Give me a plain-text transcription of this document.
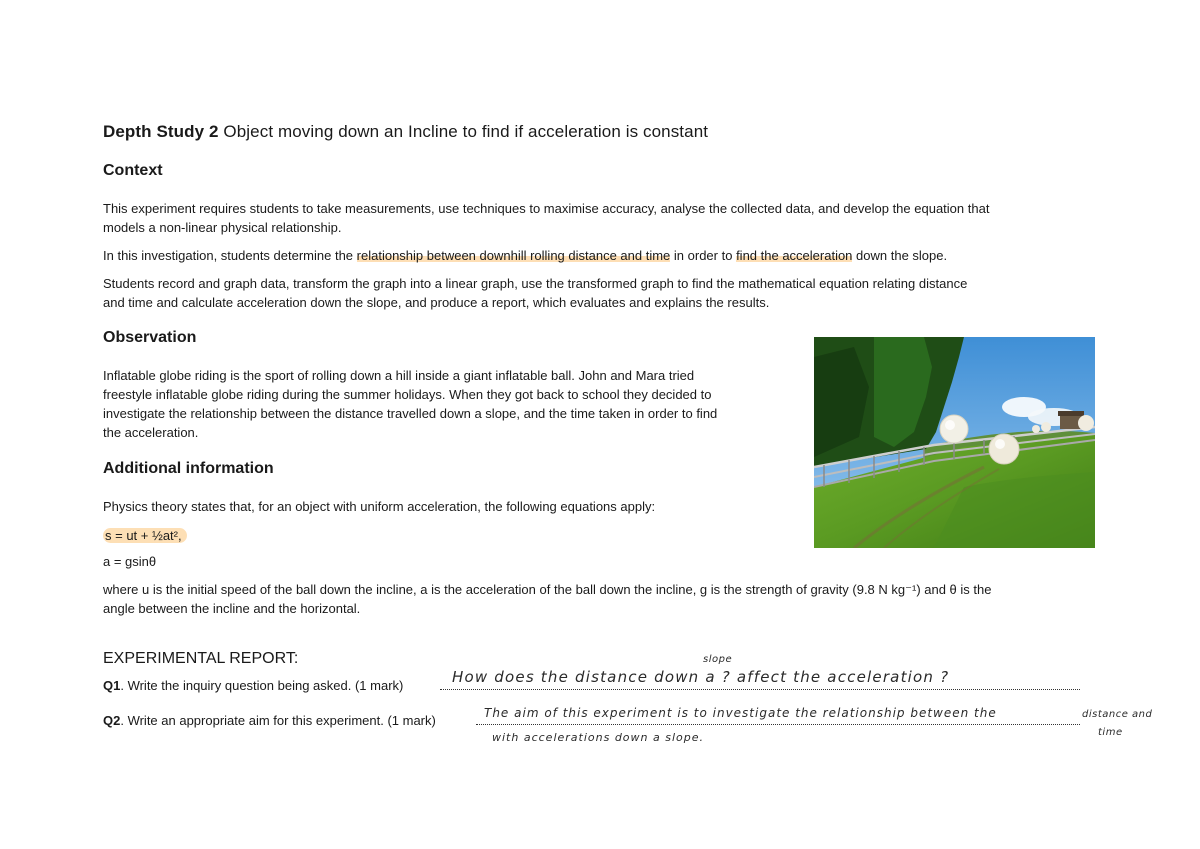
Depth Study 2 Object moving down an Incline to find if acceleration is constant
Context
This experiment requires students to take measurements, use techniques to maximise accuracy, analyse the collected data, and develop the equation that
models a non-linear physical relationship.
In this investigation, students determine the relationship between downhill rolling distance and time in order to find the acceleration down the slope.
Students record and graph data, transform the graph into a linear graph, use the transformed graph to find the mathematical equation relating distance
and time and calculate acceleration down the slope, and produce a report, which evaluates and explains the results.
Observation
Inflatable globe riding is the sport of rolling down a hill inside a giant inflatable ball. John and Mara tried
freestyle inflatable globe riding during the summer holidays. When they got back to school they decided to
investigate the relationship between the distance travelled down a slope, and the time taken in order to find
the acceleration.
Additional information
Physics theory states that, for an object with uniform acceleration, the following equations apply:
s = ut + ½at²,
a = gsinθ
where u is the initial speed of the ball down the incline, a is the acceleration of the ball down the incline, g is the strength of gravity (9.8 N kg⁻¹) and θ is the
angle between the incline and the horizontal.
EXPERIMENTAL REPORT:
Q1. Write the inquiry question being asked. (1 mark)	How does the distance down a ? affect the acceleration ?
slope
Q2. Write an appropriate aim for this experiment. (1 mark)	The aim of this experiment is to investigate the relationship between the	distance and
with accelerations down a slope.	time
